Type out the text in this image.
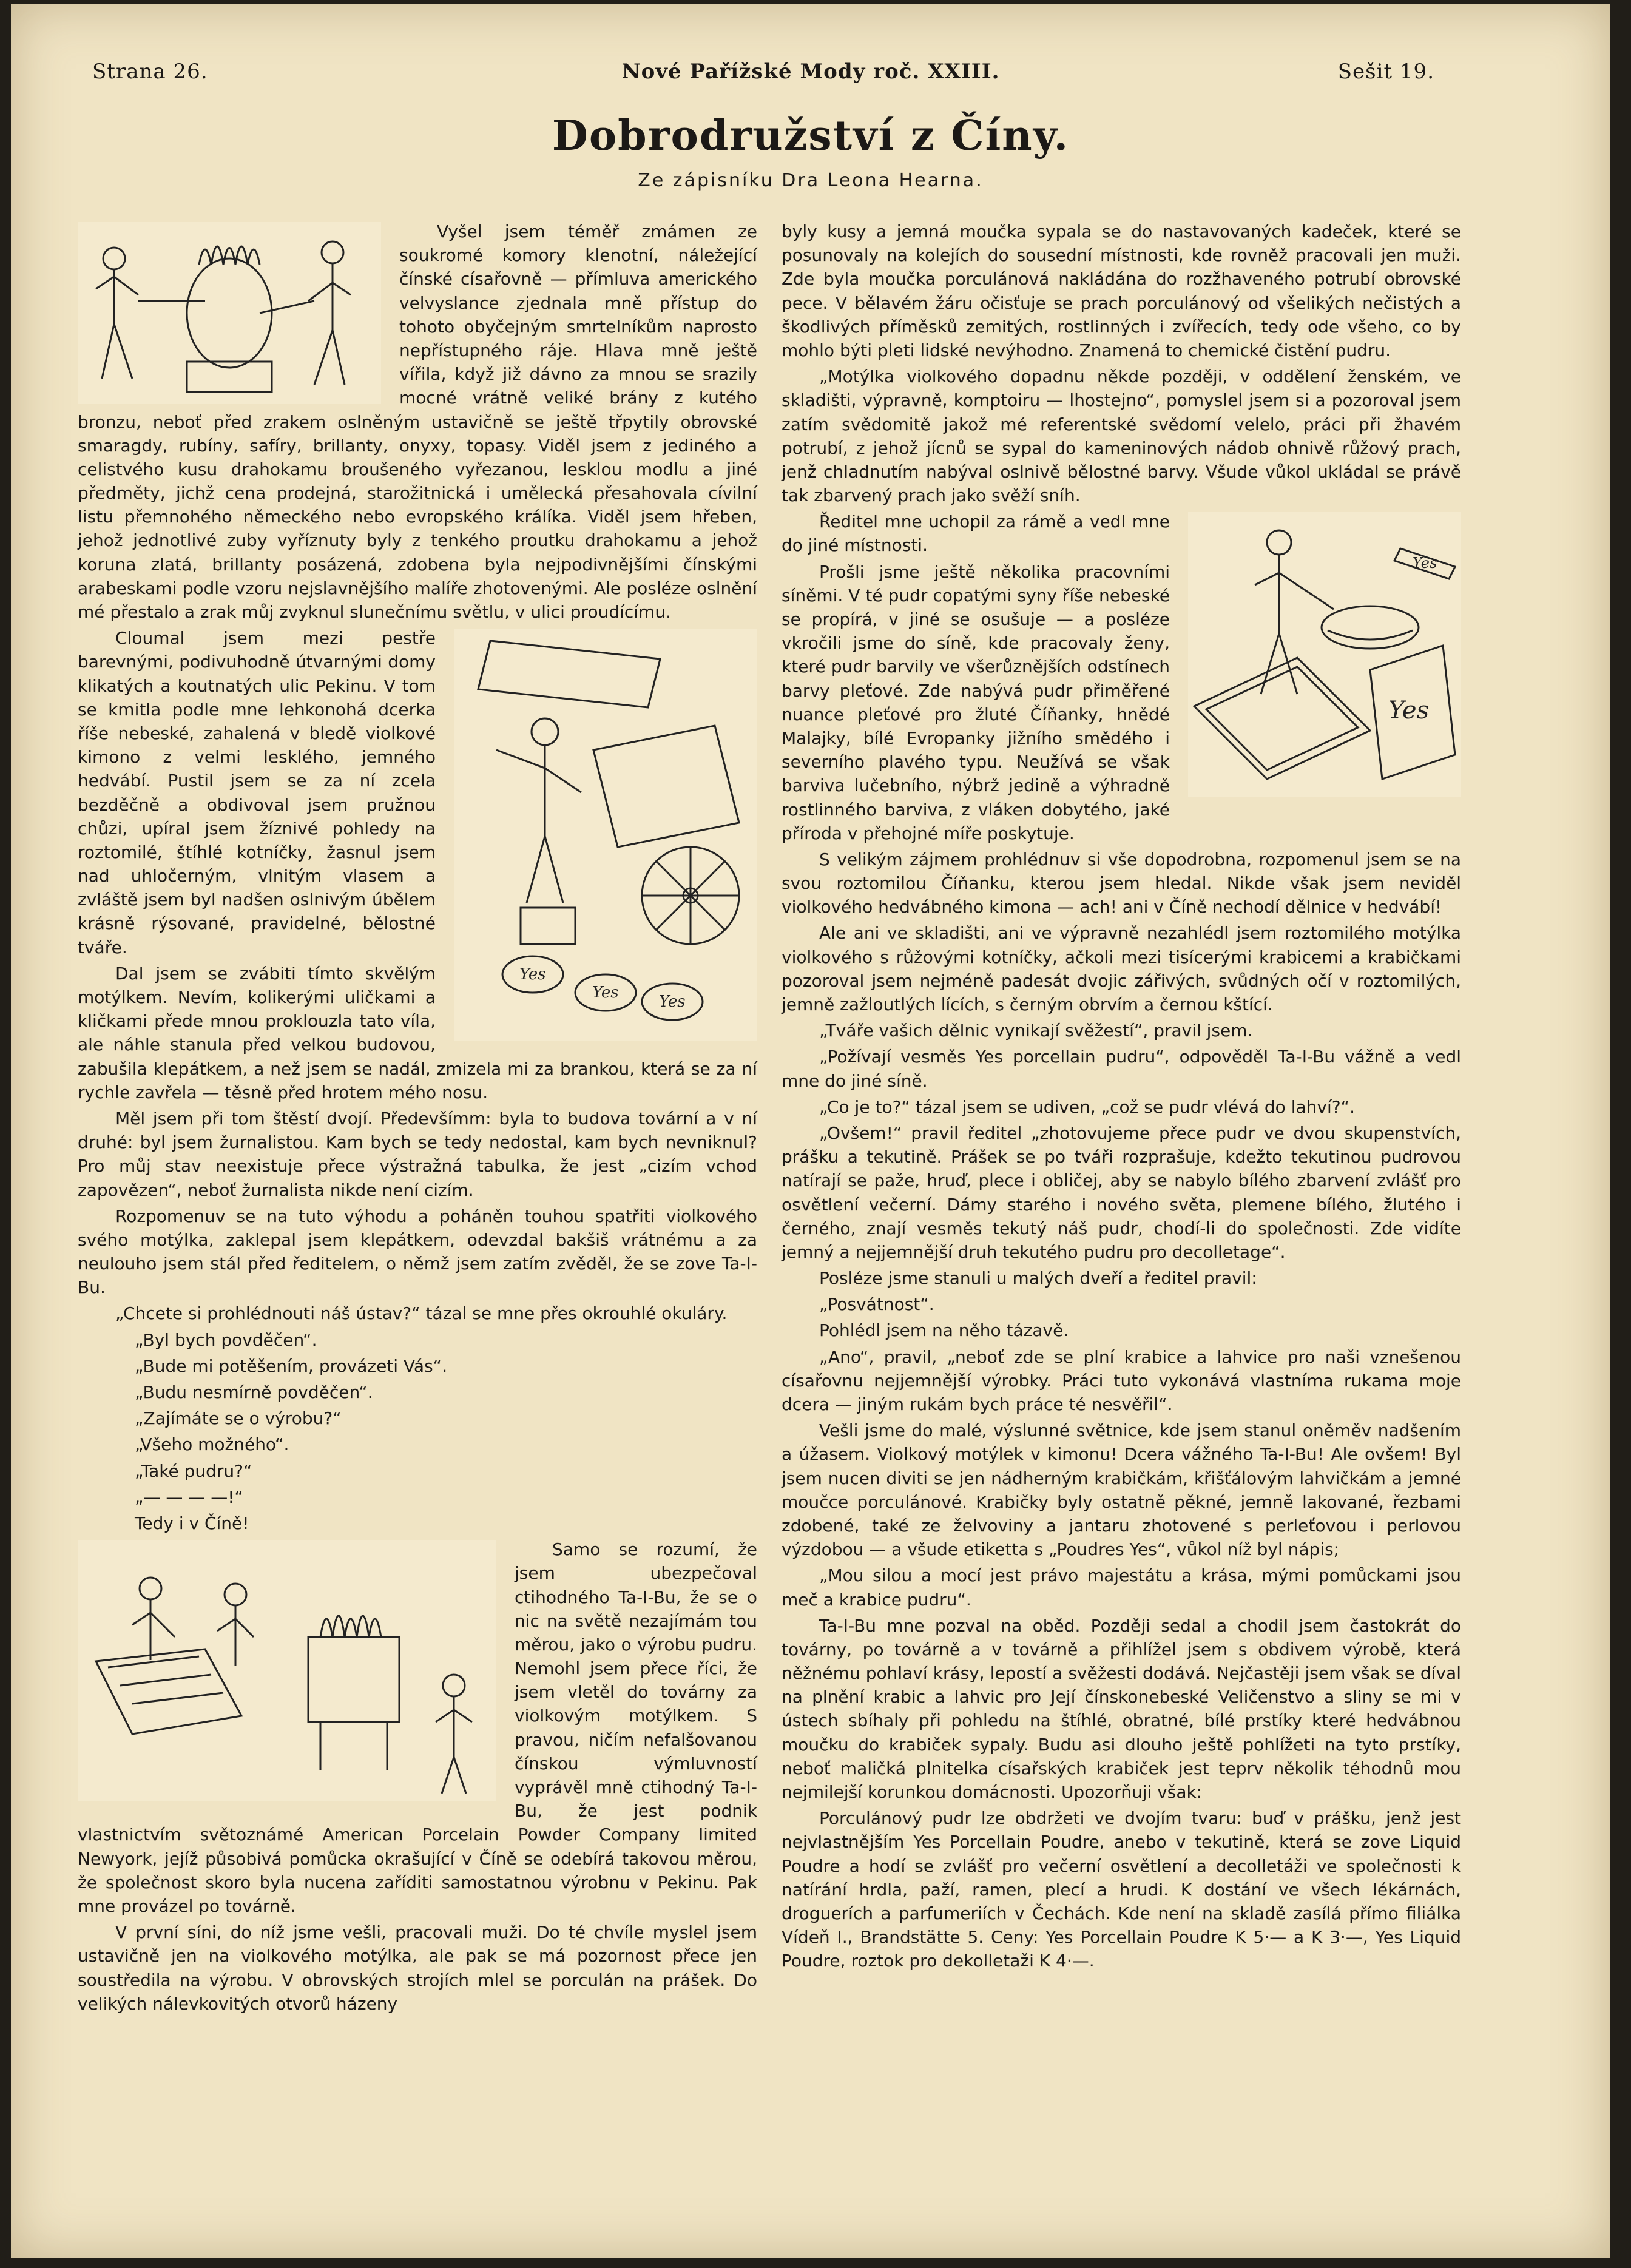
Strana 26.	Nové Pařížské Mody roč. XXIII.	Sešit 19.
Dobrodružství z Číny.
Ze zápisníku Dra Leona Hearna.

Vyšel jsem téměř zmámen ze soukromé komory klenotní, náležející čínské císařovně — přímluva amerického velvyslance zjednala mně přístup do tohoto obyčejným smrtelníkům naprosto nepřístupného ráje. Hlava mně ještě vířila, když již dávno za mnou se srazily mocné vrátně veliké brány z kutého bronzu, neboť před zrakem oslněným ustavičně se ještě třpytily obrovské smaragdy, rubíny, safíry, brillanty, onyxy, topasy. Viděl jsem z jediného a celistvého kusu drahokamu broušeného vyřezanou, lesklou modlu a jiné předměty, jichž cena prodejná, starožitnická i umělecká přesahovala cívilní listu přemnohého německého nebo evropského králíka. Viděl jsem hřeben, jehož jednotlivé zuby vyříznuty byly z tenkého proutku drahokamu a jehož koruna zlatá, brillanty posázená, zdobena byla nejpodivnějšími čínskými arabeskami podle vzoru nejslavnějšího malíře zhotovenými. Ale posléze oslnění mé přestalo a zrak můj zvyknul slunečnímu světlu, v ulici proudícímu.

Yes
Yes	Yes

Cloumal jsem mezi pestře barevnými, podivuhodně útvarnými domy klikatých a koutnatých ulic Pekinu. V tom se kmitla podle mne lehkonohá dcerka říše nebeské, zahalená v bledě violkové kimono z velmi lesklého, jemného hedvábí. Pustil jsem se za ní zcela bezděčně a obdivoval jsem pružnou chůzi, upíral jsem žíznivé pohledy na roztomilé, štíhlé kotníčky, žasnul jsem nad uhločerným, vlnitým vlasem a zvláště jsem byl nadšen oslnivým úbělem krásně rýsované, pravidelné, bělostné tváře.

Dal jsem se zvábiti tímto skvělým motýlkem. Nevím, kolikerými uličkami a kličkami přede mnou proklouzla tato víla, ale náhle stanula před velkou budovou, zabušila klepátkem, a než jsem se nadál, zmizela mi za brankou, která se za ní rychle zavřela — těsně před hrotem mého nosu.

Měl jsem při tom štěstí dvojí. Předevšímm: byla to budova tovární a v ní druhé: byl jsem žurnalistou. Kam bych se tedy nedostal, kam bych nevniknul? Pro můj stav neexistuje přece výstražná tabulka, že jest „cizím vchod zapovězen“, neboť žurnalista nikde není cizím.

Rozpomenuv se na tuto výhodu a poháněn touhou spatřiti violkového svého motýlka, zaklepal jsem klepátkem, odevzdal bakšiš vrátnému a za neulouho jsem stál před ředitelem, o němž jsem zatím zvěděl, že se zove Ta-I-Bu.

„Chcete si prohlédnouti náš ústav?“ tázal se mne přes okrouhlé okuláry.

„Byl bych povděčen“.

„Bude mi potěšením, provázeti Vás“.

„Budu nesmírně povděčen“.

„Zajímáte se o výrobu?“

„Všeho možného“.

„Také pudru?“

„— — — —!“

Tedy i v Číně!

Samo se rozumí, že jsem ubezpečoval ctihodného Ta-I-Bu, že se o nic na světě nezajímám tou měrou, jako o výrobu pudru. Nemohl jsem přece říci, že jsem vletěl do továrny za violkovým motýlkem. S pravou, ničím nefalšovanou čínskou výmluvností vyprávěl mně ctihodný Ta-I-Bu, že jest podnik vlastnictvím světoznámé American Porcelain Powder Company limited Newyork, jejíž působivá pomůcka okrašující v Číně se odebírá takovou měrou, že společnost skoro byla nucena zaříditi samostatnou výrobnu v Pekinu. Pak mne provázel po továrně.

V první síni, do níž jsme vešli, pracovali muži. Do té chvíle myslel jsem ustavičně jen na violkového motýlka, ale pak se má pozornost přece jen soustředila na výrobu. V obrovských strojích mlel se porculán na prášek. Do velikých nálevkovitých otvorů házeny

byly kusy a jemná moučka sypala se do nastavovaných kadeček, které se posunovaly na kolejích do sousední místnosti, kde rovněž pracovali jen muži. Zde byla moučka porculánová nakládána do rozžhaveného potrubí obrovské pece. V bělavém žáru očisťuje se prach porculánový od všelikých nečistých a škodlivých příměsků zemitých, rostlinných i zvířecích, tedy ode všeho, co by mohlo býti pleti lidské nevýhodno. Znamená to chemické čistění pudru.

„Motýlka violkového dopadnu někde později, v oddělení ženském, ve skladišti, výpravně, komptoiru — lhostejno“, pomyslel jsem si a pozoroval jsem zatím svědomitě jakož mé referentské svědomí velelo, práci při žhavém potrubí, z jehož jícnů se sypal do kameninových nádob ohnivě růžový prach, jenž chladnutím nabýval oslnivě bělostné barvy. Všude vůkol ukládal se právě tak zbarvený prach jako svěží sníh.

Yes
Yes

Ředitel mne uchopil za rámě a vedl mne do jiné místnosti.

Prošli jsme ještě několika pracovními síněmi. V té pudr copatými syny říše nebeské se propírá, v jiné se osušuje — a posléze vkročili jsme do síně, kde pracovaly ženy, které pudr barvily ve všerůznějších odstínech barvy pleťové. Zde nabývá pudr přiměřené nuance pleťové pro žluté Číňanky, hnědé Malajky, bílé Evropanky jižního smědého i severního plavého typu. Neužívá se však barviva lučebního, nýbrž jedině a výhradně rostlinného barviva, z vláken dobytého, jaké příroda v přehojné míře poskytuje.

S velikým zájmem prohlédnuv si vše dopodrobna, rozpomenul jsem se na svou roztomilou Číňanku, kterou jsem hledal. Nikde však jsem neviděl violkového hedvábného kimona — ach! ani v Číně nechodí dělnice v hedvábí!

Ale ani ve skladišti, ani ve výpravně nezahlédl jsem roztomilého motýlka violkového s růžovými kotníčky, ačkoli mezi tisícerými krabicemi a krabičkami pozoroval jsem nejméně padesát dvojic zářivých, svůdných očí v roztomilých, jemně zažloutlých lících, s černým obrvím a černou kštící.

„Tváře vašich dělnic vynikají svěžestí“, pravil jsem.

„Požívají vesměs Yes porcellain pudru“, odpověděl Ta-I-Bu vážně a vedl mne do jiné síně.

„Co je to?“ tázal jsem se udiven, „což se pudr vlévá do lahví?“.

„Ovšem!“ pravil ředitel „zhotovujeme přece pudr ve dvou skupenstvích, prášku a tekutině. Prášek se po tváři rozprašuje, kdežto tekutinou pudrovou natírají se paže, hruď, plece i obličej, aby se nabylo bílého zbarvení zvlášť pro osvětlení večerní. Dámy starého i nového světa, plemene bílého, žlutého i černého, znají vesměs tekutý náš pudr, chodí-li do společnosti. Zde vidíte jemný a nejjemnější druh tekutého pudru pro decolletage“.

Posléze jsme stanuli u malých dveří a ředitel pravil:

„Posvátnost“.

Pohlédl jsem na něho tázavě.

„Ano“, pravil, „neboť zde se plní krabice a lahvice pro naši vznešenou císařovnu nejjemnější výrobky. Práci tuto vykonává vlastníma rukama moje dcera — jiným rukám bych práce té nesvěřil“.

Vešli jsme do malé, výslunné světnice, kde jsem stanul oněměv nadšením a úžasem. Violkový motýlek v kimonu! Dcera vážného Ta-I-Bu! Ale ovšem! Byl jsem nucen diviti se jen nádherným krabičkám, křišťálovým lahvičkám a jemné moučce porculánové. Krabičky byly ostatně pěkné, jemně lakované, řezbami zdobené, také ze želvoviny a jantaru zhotovené s perleťovou i perlovou výzdobou — a všude etiketta s „Poudres Yes“, vůkol níž byl nápis;

„Mou silou a mocí jest právo majestátu a krása, mými pomůckami jsou meč a krabice pudru“.

Ta-I-Bu mne pozval na oběd. Později sedal a chodil jsem častokrát do továrny, po továrně a v továrně a přihlížel jsem s obdivem výrobě, která něžnému pohlaví krásy, lepostí a svěžesti dodává. Nejčastěji jsem však se díval na plnění krabic a lahvic pro Její čínskonebeské Veličenstvo a sliny se mi v ústech sbíhaly při pohledu na štíhlé, obratné, bílé prstíky které hedvábnou moučku do krabiček sypaly. Budu asi dlouho ještě pohlížeti na tyto prstíky, neboť maličká plnitelka císařských krabiček jest teprv několik téhodnů mou nejmilejší korunkou domácnosti. Upozorňuji však:

Porculánový pudr lze obdržeti ve dvojím tvaru: buď v prášku, jenž jest nejvlastnějším Yes Porcellain Poudre, anebo v tekutině, která se zove Liquid Poudre a hodí se zvlášť pro večerní osvětlení a decolletáži ve společnosti k natírání hrdla, paží, ramen, plecí a hrudi. K dostání ve všech lékárnách, droguerích a parfumeriích v Čechách. Kde není na skladě zasílá přímo filiálka Vídeň I., Brandstätte 5. Ceny: Yes Porcellain Poudre K 5·— a K 3·—, Yes Liquid Poudre, roztok pro dekolletaži K 4·—.
